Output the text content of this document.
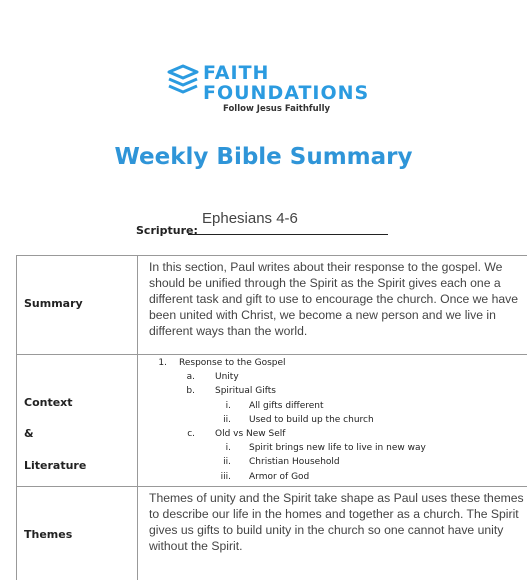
FAITH
FOUNDATIONS
Follow Jesus Faithfully
Weekly Bible Summary
Ephesians 4-6
Scripture:
Summary
In this section, Paul writes about their response to the gospel. We should be unified through the Spirit as the Spirit gives each one a different task and gift to use to encourage the church. Once we have been united with Christ, we become a new person and we live in different ways than the world.
Context
&
Literature
1. Response to the Gospel
a. Unity
b. Spiritual Gifts
i. All gifts different
ii. Used to build up the church
c. Old vs New Self
i. Spirit brings new life to live in new way
ii. Christian Household
iii. Armor of God
Themes
Themes of unity and the Spirit take shape as Paul uses these themes to describe our life in the homes and together as a church. The Spirit gives us gifts to build unity in the church so one cannot have unity without the Spirit.
